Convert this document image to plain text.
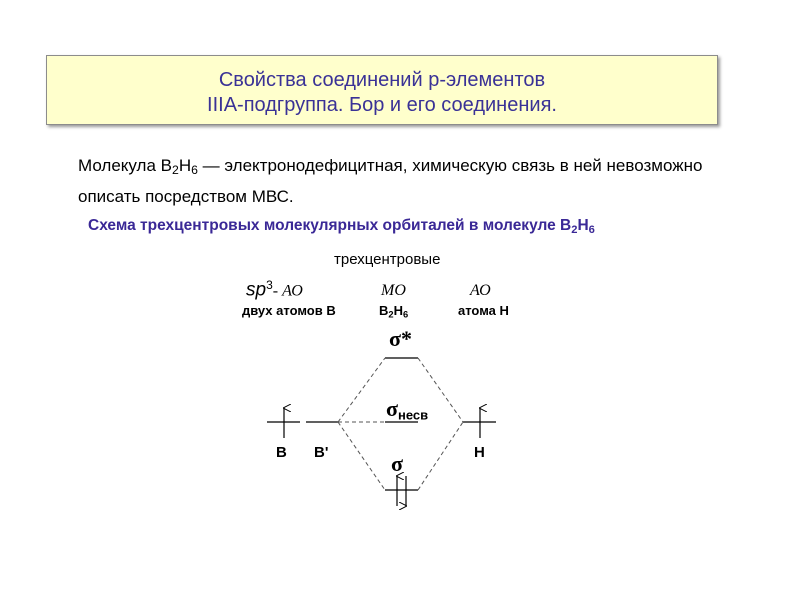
Свойства соединений р-элементов
IIIA-подгруппа. Бор и его соединения.
Молекула $B_2H_6$ — электронодефицитная, химическую связь в ней невозможно описать посредством МВС.
Схема трехцентровых молекулярных орбиталей в молекуле $B_2H_6$
трехцентровые
$sp^3-$ АО	МО	АО
двух атомов B	$B_2H_6$	атома H
σ*
$\sigma_{несв}$
σ
B B'	H
